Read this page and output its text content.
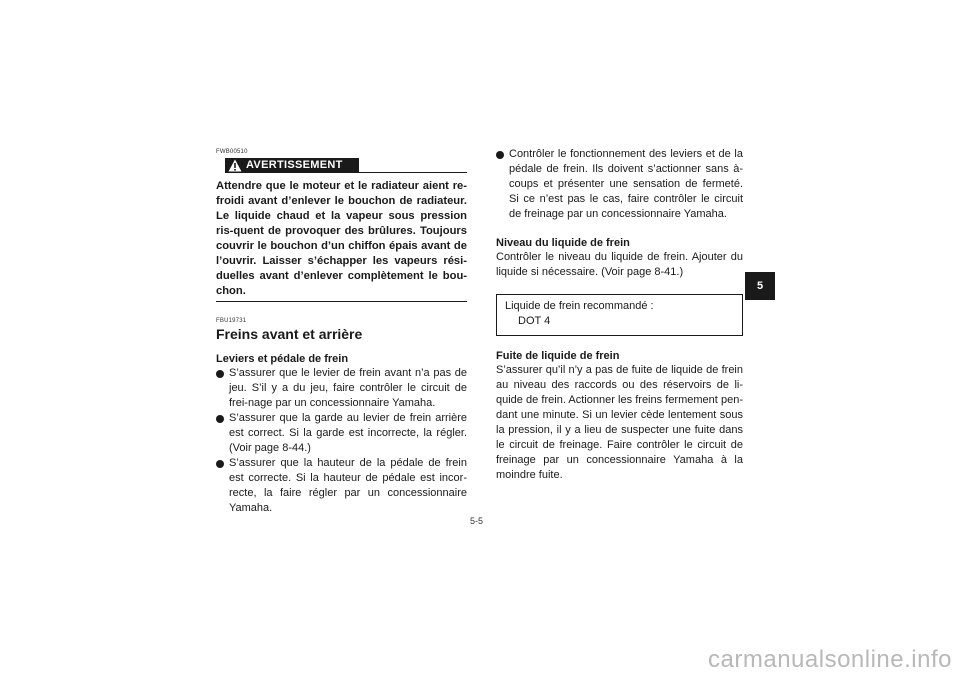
FWB00510
AVERTISSEMENT
Attendre que le moteur et le radiateur aient re-froidi avant d’enlever le bouchon de radiateur. Le liquide chaud et la vapeur sous pression ris-quent de provoquer des brûlures. Toujours couvrir le bouchon d’un chiffon épais avant de l’ouvrir. Laisser s’échapper les vapeurs rési-duelles avant d’enlever complètement le bou-chon.
FBU19731
Freins avant et arrière
Leviers et pédale de frein
S’assurer que le levier de frein avant n’a pas de jeu. S’il y a du jeu, faire contrôler le circuit de frei-nage par un concessionnaire Yamaha.
S’assurer que la garde au levier de frein arrière est correct. Si la garde est incorrecte, la régler. (Voir page 8-44.)
S’assurer que la hauteur de la pédale de frein est correcte. Si la hauteur de pédale est incor-recte, la faire régler par un concessionnaire Yamaha.
Contrôler le fonctionnement des leviers et de la pédale de frein. Ils doivent s’actionner sans à-coups et présenter une sensation de fermeté. Si ce n’est pas le cas, faire contrôler le circuit de freinage par un concessionnaire Yamaha.
Niveau du liquide de frein
Contrôler le niveau du liquide de frein. Ajouter du liquide si nécessaire. (Voir page 8-41.)
Liquide de frein recommandé :
DOT 4
Fuite de liquide de frein
S’assurer qu’il n’y a pas de fuite de liquide de frein au niveau des raccords ou des réservoirs de li-quide de frein. Actionner les freins fermement pen-dant une minute. Si un levier cède lentement sous la pression, il y a lieu de suspecter une fuite dans le circuit de freinage. Faire contrôler le circuit de freinage par un concessionnaire Yamaha à la moindre fuite.
5-5
5
carmanualsonline.info
